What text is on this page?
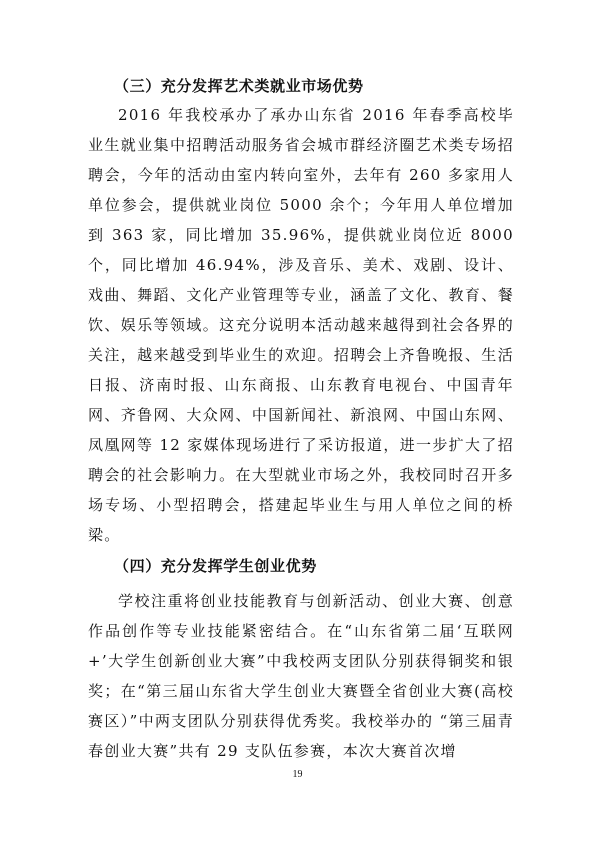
（三）充分发挥艺术类就业市场优势

2016 年我校承办了承办山东省 2016 年春季高校毕业生就业集中招聘活动服务省会城市群经济圈艺术类专场招聘会，今年的活动由室内转向室外，去年有 260 多家用人单位参会，提供就业岗位 5000 余个；今年用人单位增加到 363 家，同比增加 35.96%，提供就业岗位近 8000 个，同比增加 46.94%，涉及音乐、美术、戏剧、设计、戏曲、舞蹈、文化产业管理等专业，涵盖了文化、教育、餐饮、娱乐等领域。这充分说明本活动越来越得到社会各界的关注，越来越受到毕业生的欢迎。招聘会上齐鲁晚报、生活日报、济南时报、山东商报、山东教育电视台、中国青年网、齐鲁网、大众网、中国新闻社、新浪网、中国山东网、凤凰网等 12 家媒体现场进行了采访报道，进一步扩大了招聘会的社会影响力。在大型就业市场之外，我校同时召开多场专场、小型招聘会，搭建起毕业生与用人单位之间的桥梁。

（四）充分发挥学生创业优势

学校注重将创业技能教育与创新活动、创业大赛、创意作品创作等专业技能紧密结合。在“山东省第二届‘互联网+’大学生创新创业大赛”中我校两支团队分别获得铜奖和银奖；在“第三届山东省大学生创业大赛暨全省创业大赛(高校赛区）”中两支团队分别获得优秀奖。我校举办的 “第三届青春创业大赛”共有 29 支队伍参赛，本次大赛首次增

19
